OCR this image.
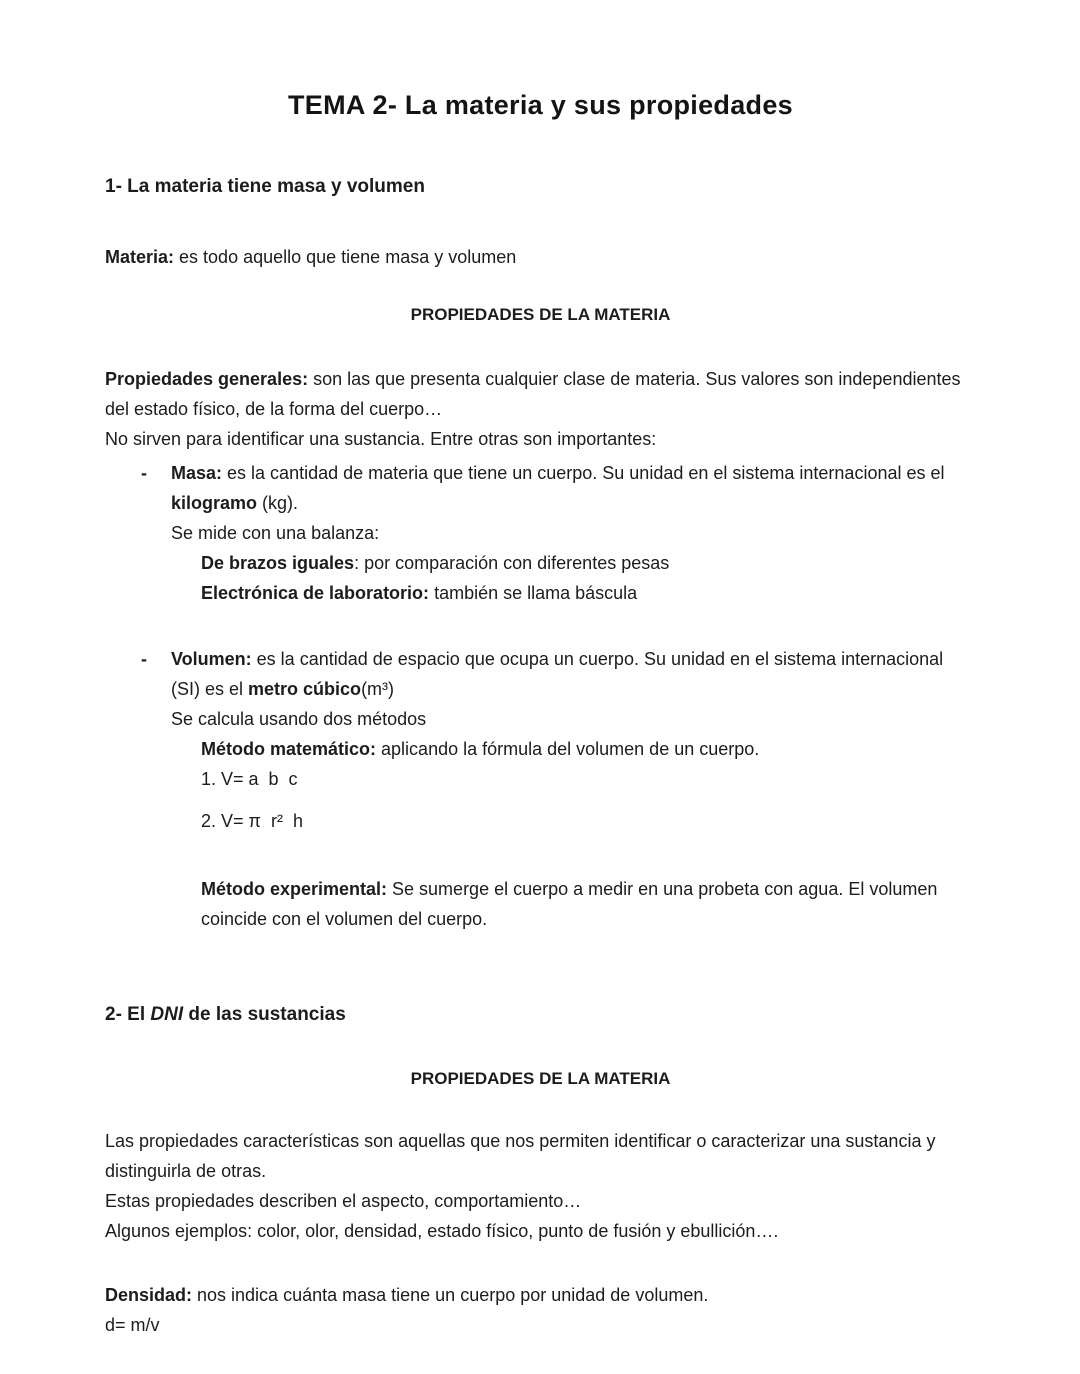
TEMA 2- La materia y sus propiedades
1- La materia tiene masa y volumen

Materia: es todo aquello que tiene masa y volumen

PROPIEDADES DE LA MATERIA

Propiedades generales: son las que presenta cualquier clase de materia. Sus valores son independientes del estado físico, de la forma del cuerpo…

No sirven para identificar una sustancia. Entre otras son importantes:

-	Masa: es la cantidad de materia que tiene un cuerpo. Su unidad en el sistema internacional es el kilogramo (kg).

Se mide con una balanza:

De brazos iguales: por comparación con diferentes pesas

Electrónica de laboratorio: también se llama báscula

-	Volumen: es la cantidad de espacio que ocupa un cuerpo. Su unidad en el sistema internacional (SI) es el metro cúbico(m³)

Se calcula usando dos métodos

Método matemático: aplicando la fórmula del volumen de un cuerpo.

1. V= a  b  c

2. V= π  r²  h

Método experimental: Se sumerge el cuerpo a medir en una probeta con agua. El volumen coincide con el volumen del cuerpo.

2- El DNI de las sustancias

PROPIEDADES DE LA MATERIA

Las propiedades características son aquellas que nos permiten identificar o caracterizar una sustancia y distinguirla de otras.

Estas propiedades describen el aspecto, comportamiento…

Algunos ejemplos: color, olor, densidad, estado físico, punto de fusión y ebullición….

Densidad: nos indica cuánta masa tiene un cuerpo por unidad de volumen.

d= m/v
